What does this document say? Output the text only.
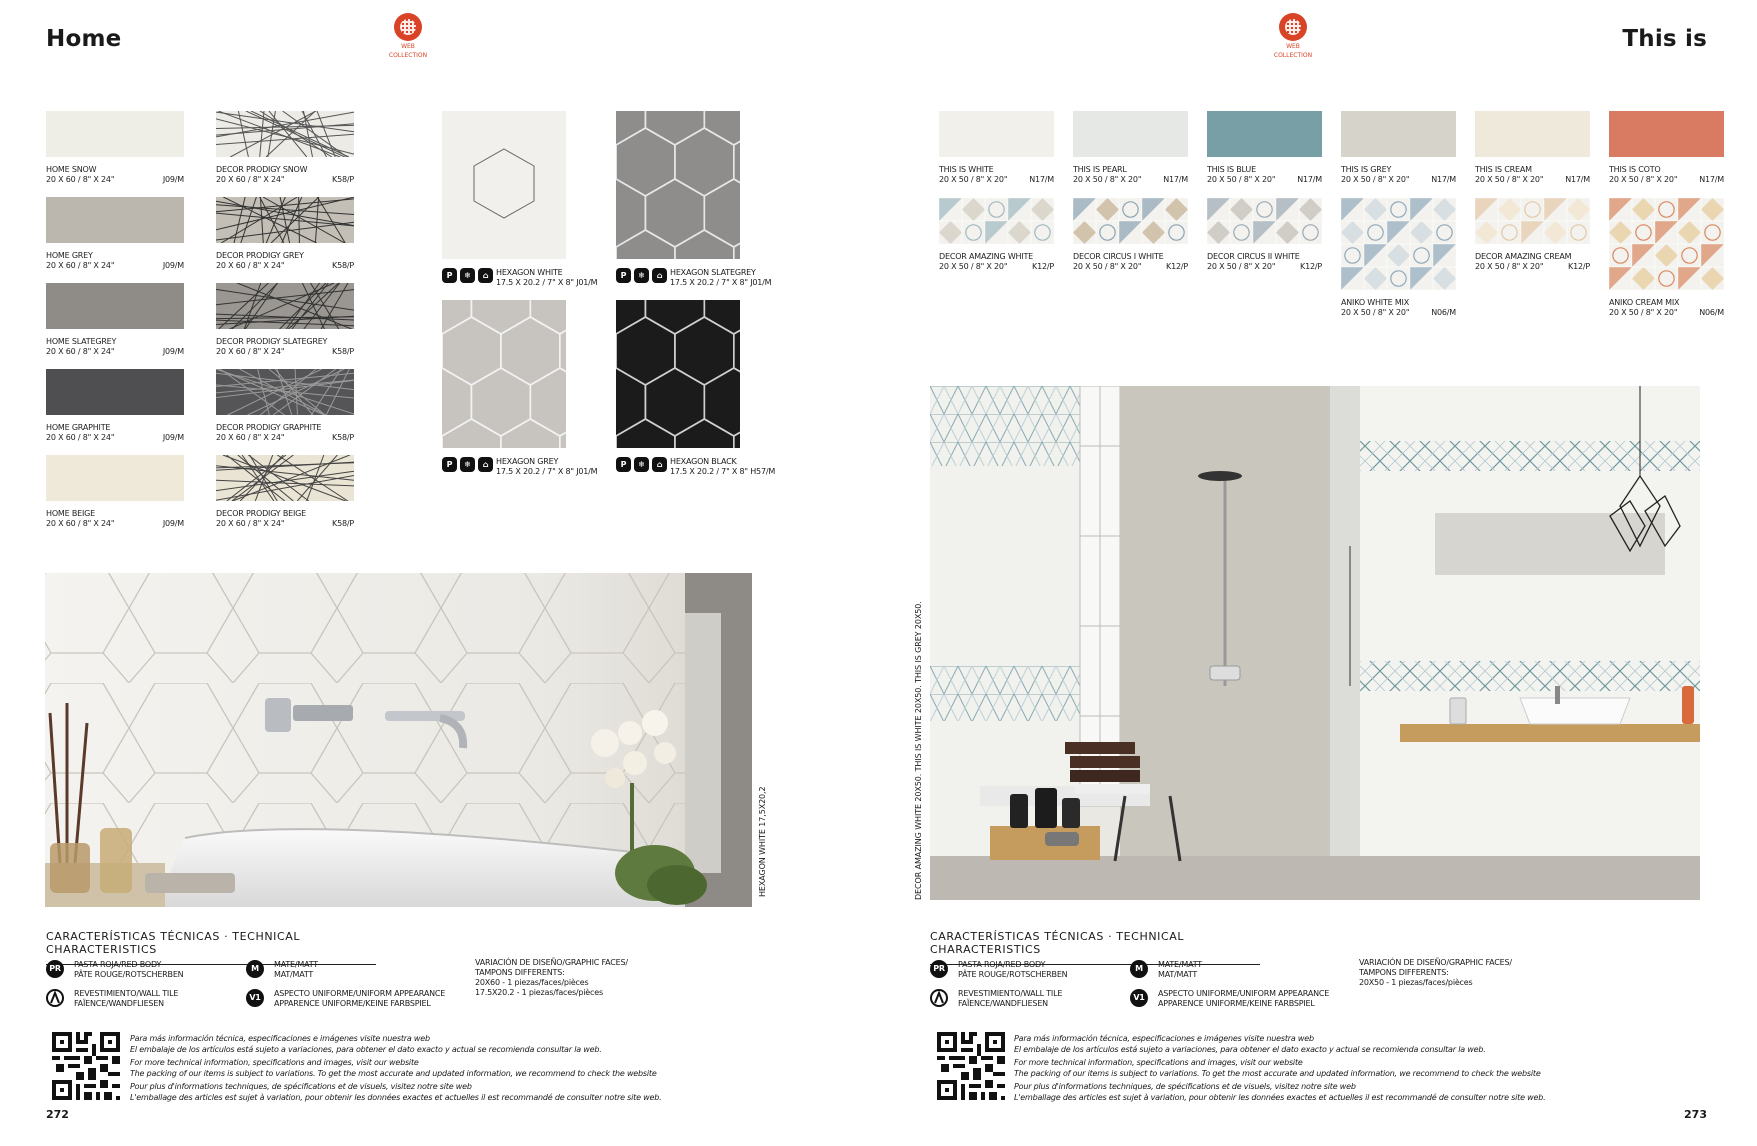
Home	WEB
COLLECTION
HOME SNOW
20 X 60 / 8" X 24"	J09/M
HOME GREY
20 X 60 / 8" X 24"	J09/M
HOME SLATEGREY
20 X 60 / 8" X 24"	J09/M
HOME GRAPHITE
20 X 60 / 8" X 24"	J09/M
HOME BEIGE
20 X 60 / 8" X 24"	J09/M
DECOR PRODIGY SNOW
20 X 60 / 8" X 24"	K58/P
DECOR PRODIGY GREY
20 X 60 / 8" X 24"	K58/P
DECOR PRODIGY SLATEGREY
20 X 60 / 8" X 24"	K58/P
DECOR PRODIGY GRAPHITE
20 X 60 / 8" X 24"	K58/P
DECOR PRODIGY BEIGE
20 X 60 / 8" X 24"	K58/P
P	❄	⌂ HEXAGON WHITE
17.5 X 20.2 / 7" X 8" J01/M
P	❄	⌂ HEXAGON SLATEGREY
17.5 X 20.2 / 7" X 8" J01/M
P	❄	⌂ HEXAGON GREY
17.5 X 20.2 / 7" X 8" J01/M
P	❄	⌂ HEXAGON BLACK
17.5 X 20.2 / 7" X 8" H57/M
HEXAGON WHITE 17,5X20,2
CARACTERÍSTICAS TÉCNICAS · TECHNICAL CHARACTERISTICS
PR	PASTA ROJA/RED BODY
PÂTE ROUGE/ROTSCHERBEN
REVESTIMIENTO/WALL TILE
FAÏENCE/WANDFLIESEN
M	MATE/MATT
MAT/MATT
V1	ASPECTO UNIFORME/UNIFORM APPEARANCE
APPARENCE UNIFORME/KEINE FARBSPIEL
VARIACIÓN DE DISEÑO/GRAPHIC FACES/
TAMPONS DIFFERENTS:
20X60 - 1 piezas/faces/pièces
17.5X20.2 - 1 piezas/faces/pièces

Para más información técnica, especificaciones e imágenes visite nuestra web

El embalaje de los artículos está sujeto a variaciones, para obtener el dato exacto y actual se recomienda consultar la web.

For more technical information, specifications and images, visit our website

The packing of our items is subject to variations. To get the most accurate and updated information, we recommend to check the website

Pour plus d'informations techniques, de spécifications et de visuels, visitez notre site web

L'emballage des articles est sujet à variation, pour obtenir les données exactes et actuelles il est recommandé de consulter notre site web.

272
WEB
COLLECTION
This is
THIS IS WHITE
20 X 50 / 8" X 20"	N17/M
THIS IS PEARL
20 X 50 / 8" X 20"	N17/M
THIS IS BLUE
20 X 50 / 8" X 20"	N17/M
THIS IS GREY
20 X 50 / 8" X 20"	N17/M
THIS IS CREAM
20 X 50 / 8" X 20"	N17/M
THIS IS COTO
20 X 50 / 8" X 20"	N17/M
DECOR AMAZING WHITE
20 X 50 / 8" X 20"	K12/P
DECOR CIRCUS I WHITE
20 X 50 / 8" X 20"	K12/P
DECOR CIRCUS II WHITE
20 X 50 / 8" X 20"	K12/P
ANIKO WHITE MIX
20 X 50 / 8" X 20"	N06/M
DECOR AMAZING CREAM
20 X 50 / 8" X 20"	K12/P
ANIKO CREAM MIX
20 X 50 / 8" X 20"	N06/M
DECOR AMAZING WHITE 20X50. THIS IS WHITE 20X50. THIS IS GREY 20X50.
CARACTERÍSTICAS TÉCNICAS · TECHNICAL CHARACTERISTICS
PR	PASTA ROJA/RED BODY
PÂTE ROUGE/ROTSCHERBEN
REVESTIMIENTO/WALL TILE
FAÏENCE/WANDFLIESEN
M	MATE/MATT
MAT/MATT
V1	ASPECTO UNIFORME/UNIFORM APPEARANCE
APPARENCE UNIFORME/KEINE FARBSPIEL
VARIACIÓN DE DISEÑO/GRAPHIC FACES/
TAMPONS DIFFERENTS:
20X50 - 1 piezas/faces/pièces

Para más información técnica, especificaciones e imágenes visite nuestra web

El embalaje de los artículos está sujeto a variaciones, para obtener el dato exacto y actual se recomienda consultar la web.

For more technical information, specifications and images, visit our website

The packing of our items is subject to variations. To get the most accurate and updated information, we recommend to check the website

Pour plus d'informations techniques, de spécifications et de visuels, visitez notre site web

L'emballage des articles est sujet à variation, pour obtenir les données exactes et actuelles il est recommandé de consulter notre site web.

273
